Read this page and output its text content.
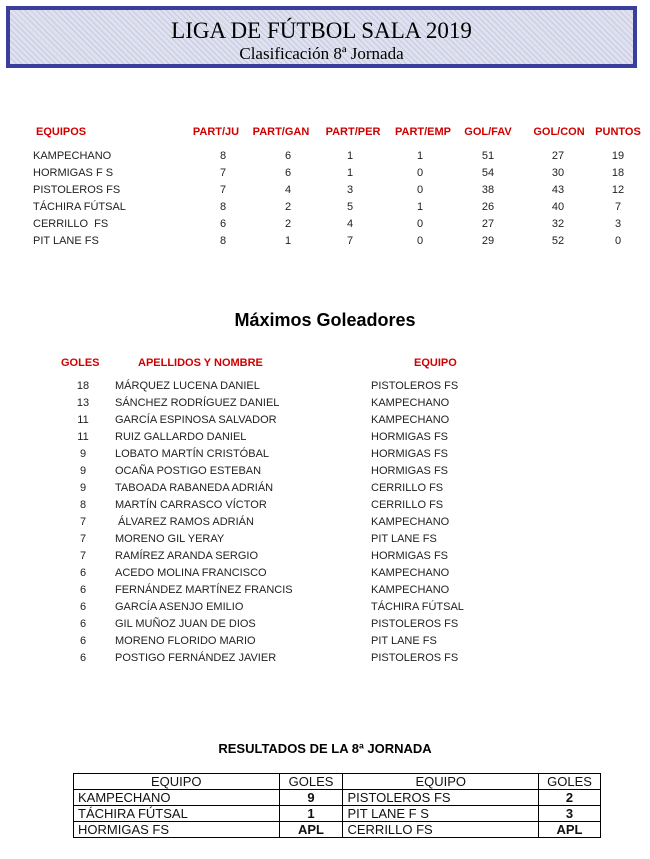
LIGA DE FÚTBOL SALA 2019
Clasificación 8ª Jornada
EQUIPOS	PART/JU	PART/GAN	PART/PER	PART/EMP	GOL/FAV	GOL/CON PUNTOS
KAMPECHANO	8	6	1	1	51	27	19
HORMIGAS F S	7	6	1	0	54	30	18
PISTOLEROS FS	7	4	3	0	38	43	12
TÁCHIRA FÚTSAL	8	2	5	1	26	40	7
CERRILLO  FS	6	2	4	0	27	32	3
PIT LANE FS	8	1	7	0	29	52	0
Máximos Goleadores
GOLES	APELLIDOS Y NOMBRE	EQUIPO
18	MÁRQUEZ LUCENA DANIEL	PISTOLEROS FS
13	SÁNCHEZ RODRÍGUEZ DANIEL	KAMPECHANO
11	GARCÍA ESPINOSA SALVADOR	KAMPECHANO
11	RUIZ GALLARDO DANIEL	HORMIGAS FS
9	LOBATO MARTÍN CRISTÓBAL	HORMIGAS FS
9	OCAÑA POSTIGO ESTEBAN	HORMIGAS FS
9	TABOADA RABANEDA ADRIÁN	CERRILLO FS
8	MARTÍN CARRASCO VÍCTOR	CERRILLO FS
7	ÁLVAREZ RAMOS ADRIÁN	KAMPECHANO
7	MORENO GIL YERAY	PIT LANE FS
7	RAMÍREZ ARANDA SERGIO	HORMIGAS FS
6	ACEDO MOLINA FRANCISCO	KAMPECHANO
6	FERNÁNDEZ MARTÍNEZ FRANCIS	KAMPECHANO
6	GARCÍA ASENJO EMILIO	TÁCHIRA FÚTSAL
6	GIL MUÑOZ JUAN DE DIOS	PISTOLEROS FS
6	MORENO FLORIDO MARIO	PIT LANE FS
6	POSTIGO FERNÁNDEZ JAVIER	PISTOLEROS FS
RESULTADOS DE LA 8ª JORNADA
EQUIPO	GOLES	EQUIPO	GOLES
KAMPECHANO	9	PISTOLEROS FS	2
TÁCHIRA FÚTSAL	1	PIT LANE F S	3
HORMIGAS FS	APL	CERRILLO FS	APL
